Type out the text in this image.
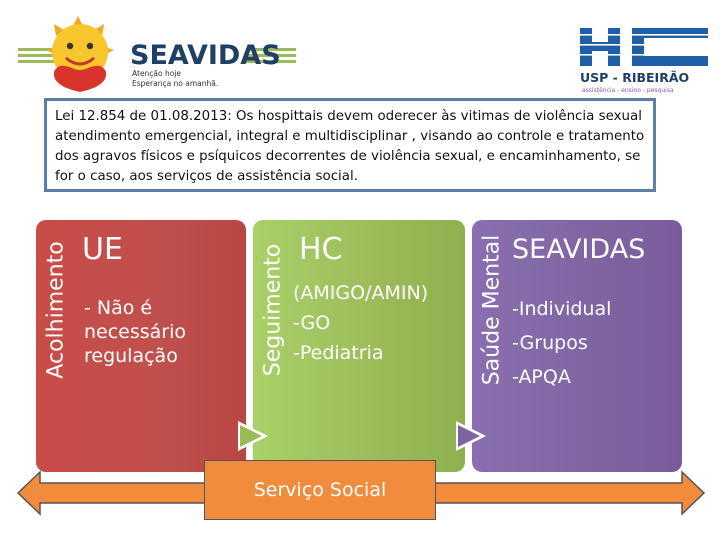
SEAVIDAS
Atenção hoje
Esperança no amanhã.
HC
USP - RIBEIRÃO
assistência - ensino - pesquisa
Lei 12.854 de 01.08.2013: Os hospittais devem oderecer às vitimas de violência sexual atendimento emergencial, integral e multidisciplinar , visando ao controle e tratamento dos agravos físicos e psíquicos decorrentes de violência sexual, e encaminhamento, se for o caso, aos serviços de assistência social.
Acolhimento UE
- Não é
necessário
regulação	Seguimento HC
(AMIGO/AMIN)
-GO
-Pediatria	Saúde Mental SEAVIDAS
-Individual
-Grupos
-APQA
Serviço Social
